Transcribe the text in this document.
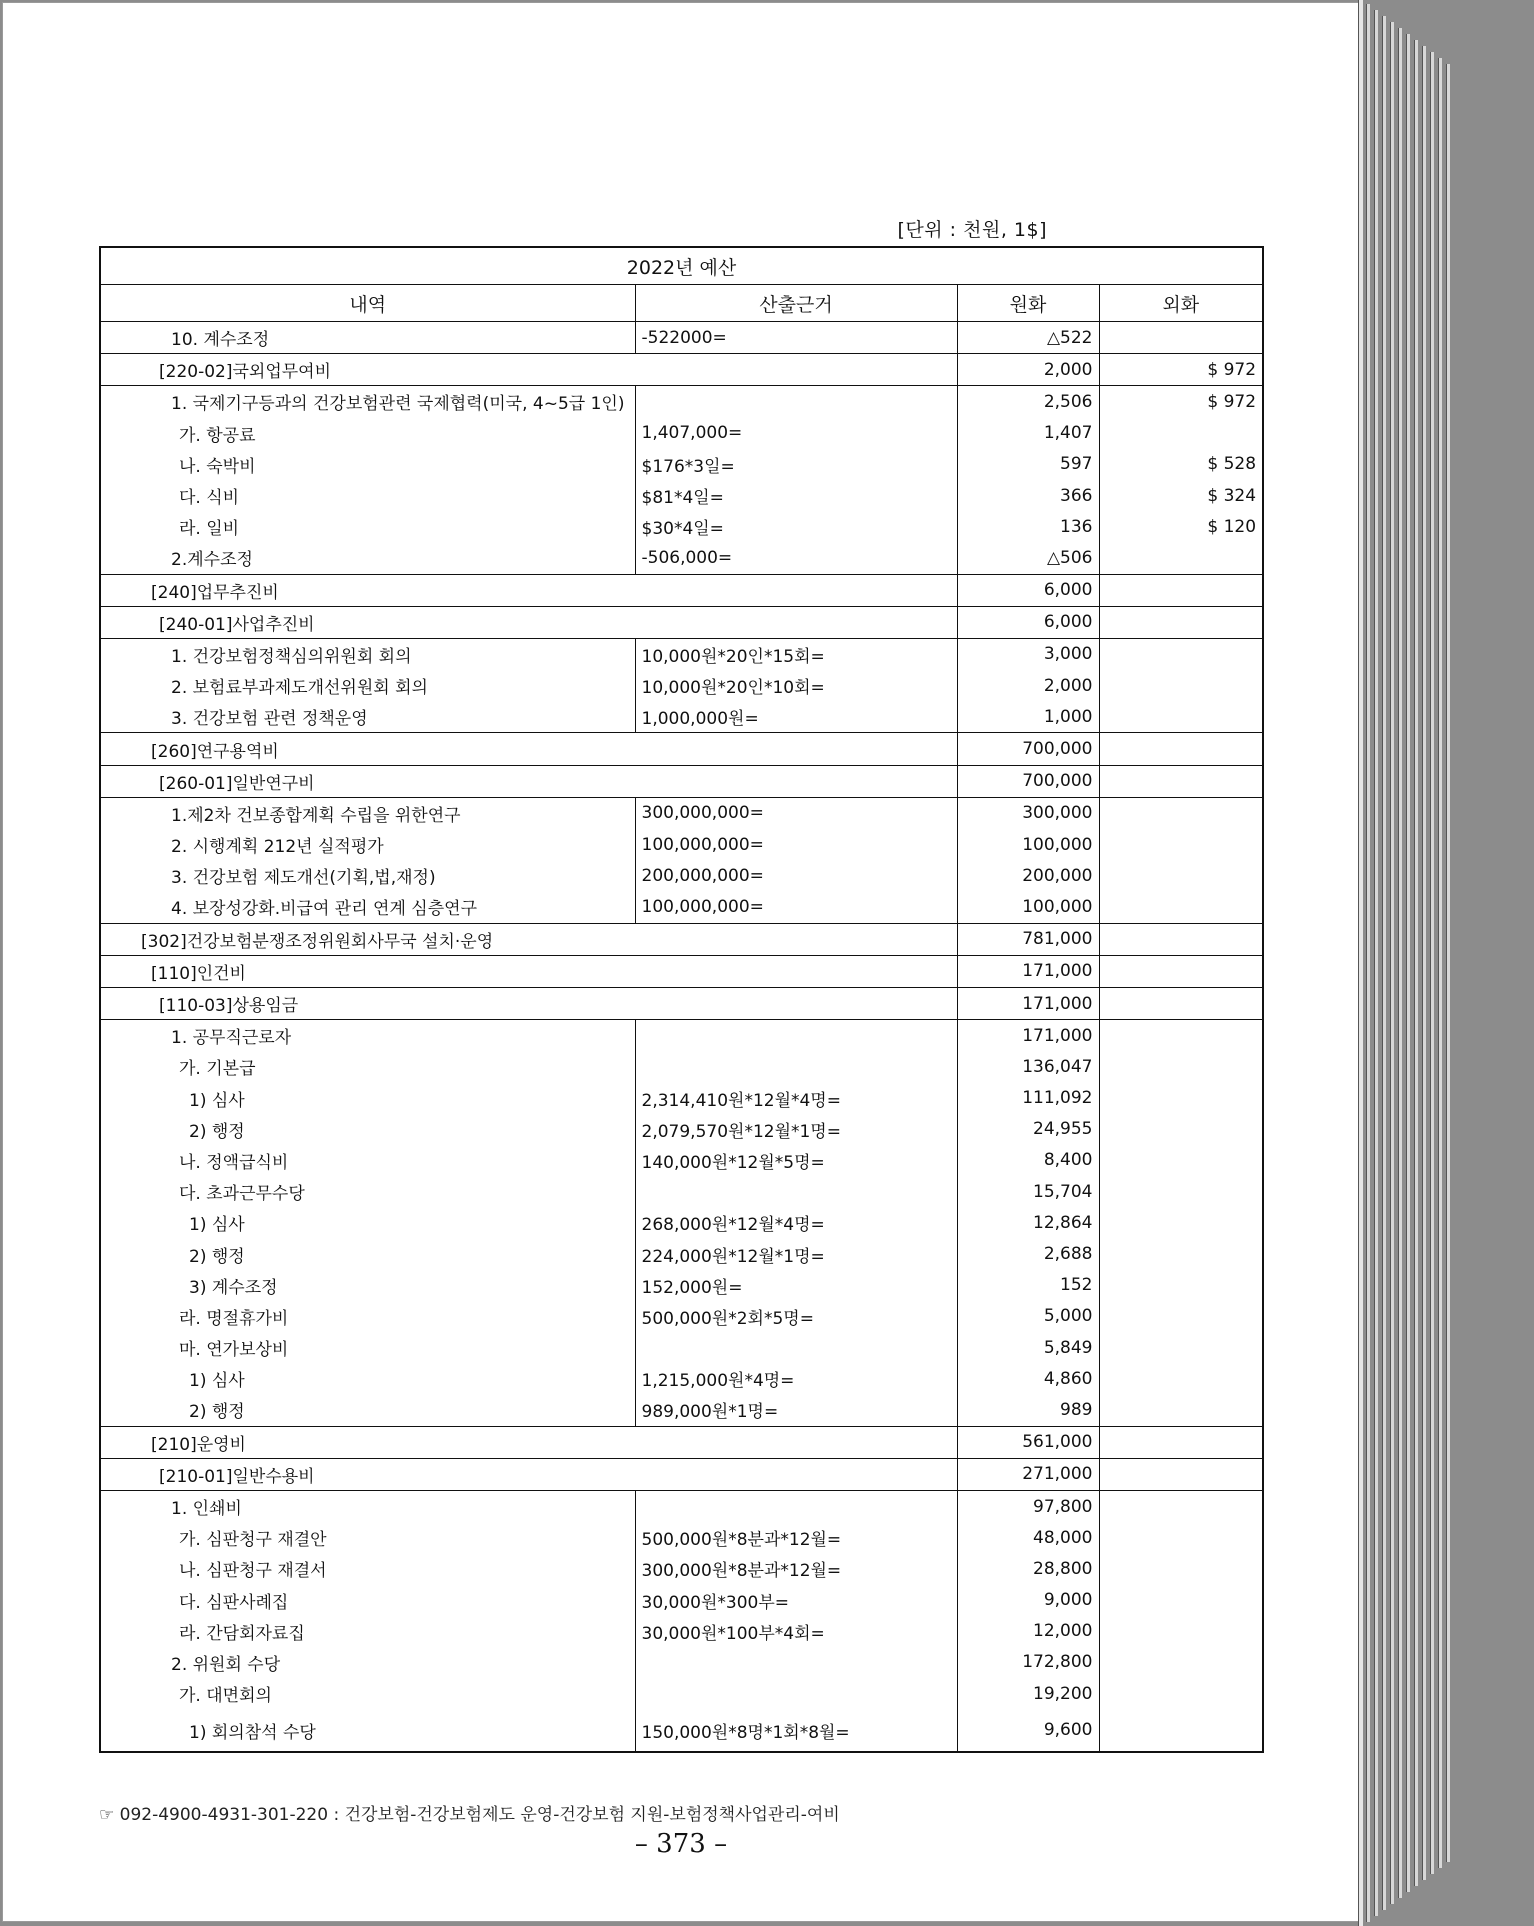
[단위 : 천원, 1$]
2022년 예산			
내역	산출근거	원화	외화
10. 계수조정	-522000=	△522	
[220-02]국외업무여비		2,000	$ 972
1. 국제기구등과의 건강보험관련 국제협력(미국, 4~5급 1인)		2,506	$ 972
가. 항공료	1,407,000=	1,407	
나. 숙박비	$176*3일=	597	$ 528
다. 식비	$81*4일=	366	$ 324
라. 일비	$30*4일=	136	$ 120
2.계수조정	-506,000=	△506	
[240]업무추진비		6,000	
[240-01]사업추진비		6,000	
1. 건강보험정책심의위원회 회의	10,000원*20인*15회=	3,000	
2. 보험료부과제도개선위원회 회의	10,000원*20인*10회=	2,000	
3. 건강보험 관련 정책운영	1,000,000원=	1,000	
[260]연구용역비		700,000	
[260-01]일반연구비		700,000	
1.제2차 건보종합계획 수립을 위한연구	300,000,000=	300,000	
2. 시행계획 212년 실적평가	100,000,000=	100,000	
3. 건강보험 제도개선(기획,법,재정)	200,000,000=	200,000	
4. 보장성강화.비급여 관리 연계 심층연구	100,000,000=	100,000	
[302]건강보험분쟁조정위원회사무국 설치·운영		781,000	
[110]인건비		171,000	
[110-03]상용임금		171,000	
1. 공무직근로자		171,000	
가. 기본급		136,047	
1) 심사	2,314,410원*12월*4명=	111,092	
2) 행정	2,079,570원*12월*1명=	24,955	
나. 정액급식비	140,000원*12월*5명=	8,400	
다. 초과근무수당		15,704	
1) 심사	268,000원*12월*4명=	12,864	
2) 행정	224,000원*12월*1명=	2,688	
3) 계수조정	152,000원=	152	
라. 명절휴가비	500,000원*2회*5명=	5,000	
마. 연가보상비		5,849	
1) 심사	1,215,000원*4명=	4,860	
2) 행정	989,000원*1명=	989	
[210]운영비		561,000	
[210-01]일반수용비		271,000	
1. 인쇄비		97,800	
가. 심판청구 재결안	500,000원*8분과*12월=	48,000	
나. 심판청구 재결서	300,000원*8분과*12월=	28,800	
다. 심판사례집	30,000원*300부=	9,000	
라. 간담회자료집	30,000원*100부*4회=	12,000	
2. 위원회 수당		172,800	
가. 대면회의		19,200	
1) 회의참석 수당	150,000원*8명*1회*8월=	9,600	
☞ 092-4900-4931-301-220 : 건강보험-건강보험제도 운영-건강보험 지원-보험정책사업관리-여비
– 373 –
